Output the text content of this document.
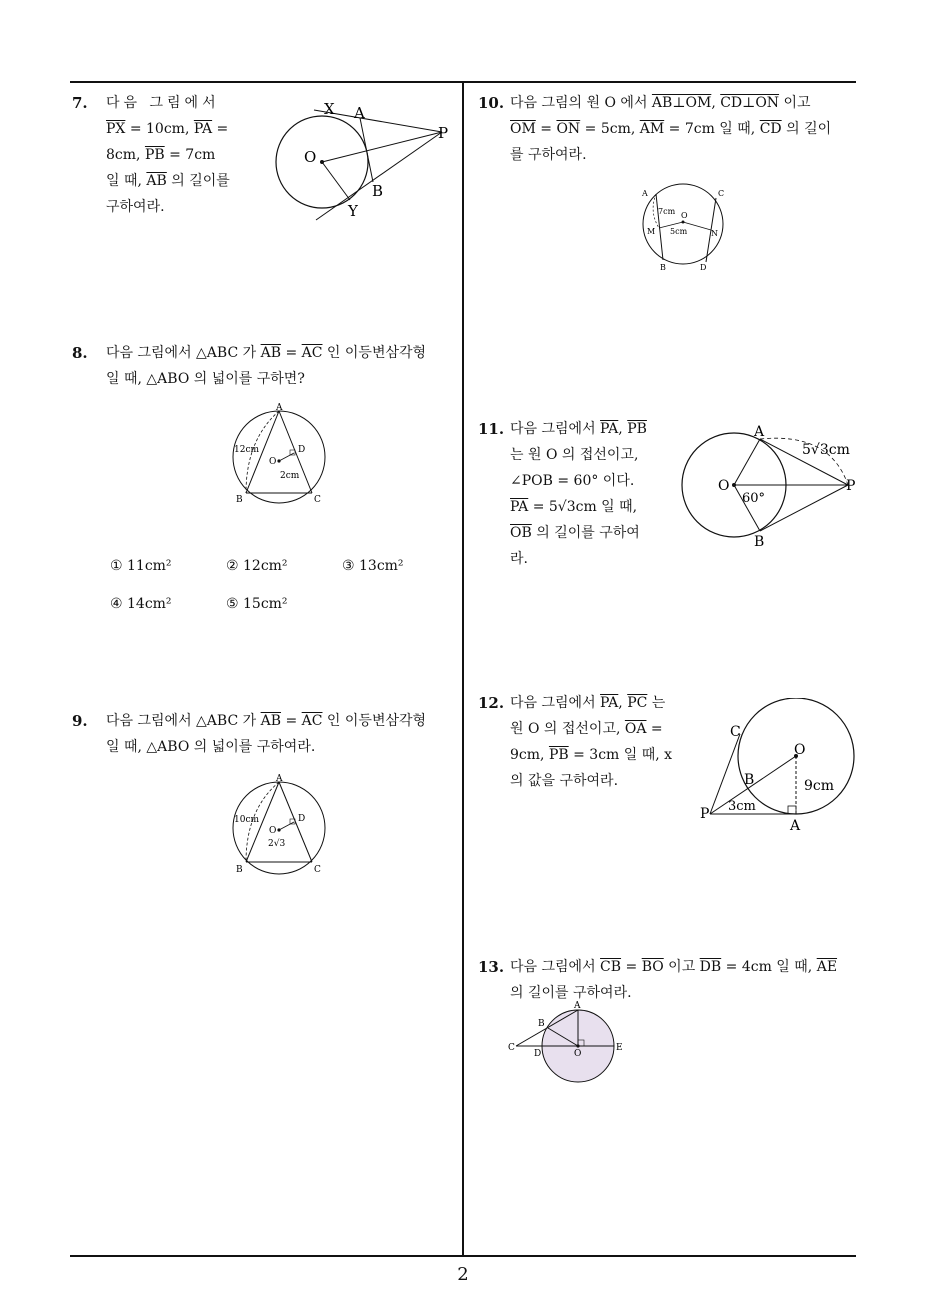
7. 다음 그림에서
$\overline{PX} = 10cm$, $\overline{PA}$ =
8cm, $\overline{PB} = 7cm$
일 때, $\overline{AB}$ 의 길이를
구하여라.
X A
P
O
B
Y
8. 다음 그림에서 △ABC 가 $\overline{AB} = \overline{AC}$ 인 이등변삼각형
일 때, △ABO 의 넓이를 구하면?
A
12cm	D
O
2cm
B	C
① 11cm²	② 12cm²	③ 13cm²
④ 14cm²	⑤ 15cm²
9. 다음 그림에서 △ABC 가 $\overline{AB} = \overline{AC}$ 인 이등변삼각형
일 때, △ABO 의 넓이를 구하여라.
A
10cm	D
O
2√3
B	C
10. 다음 그림의 원 O 에서 AB⊥OM, CD⊥ON 이고
$\overline{OM} = \overline{ON} = 5cm$, $\overline{AM} = 7cm$ 일 때, $\overline{CD}$ 의 길이
를 구하여라.
A	C
7cm O
M 5cm	N
B	D
11. 다음 그림에서 $\overline{PA}$, $\overline{PB}$
는 원 O 의 접선이고,
∠POB = 60° 이다.
$\overline{PA} = 5√3cm$ 일 때,
$\overline{OB}$ 의 길이를 구하여
라.
A
5√3cm
O
60°
P
B
12. 다음 그림에서 $\overline{PA}$, $\overline{PC}$ 는
원 O 의 접선이고, $\overline{OA}$ =
9cm, $\overline{PB} = 3cm$ 일 때, x
의 값을 구하여라.
C
O
B	9cm
3cm
P
A
13. 다음 그림에서 $\overline{CB} = \overline{BO}$ 이고 $\overline{DB} = 4cm$ 일 때, $\overline{AE}$
의 길이를 구하여라.
A
B
C
D	O
E
2
